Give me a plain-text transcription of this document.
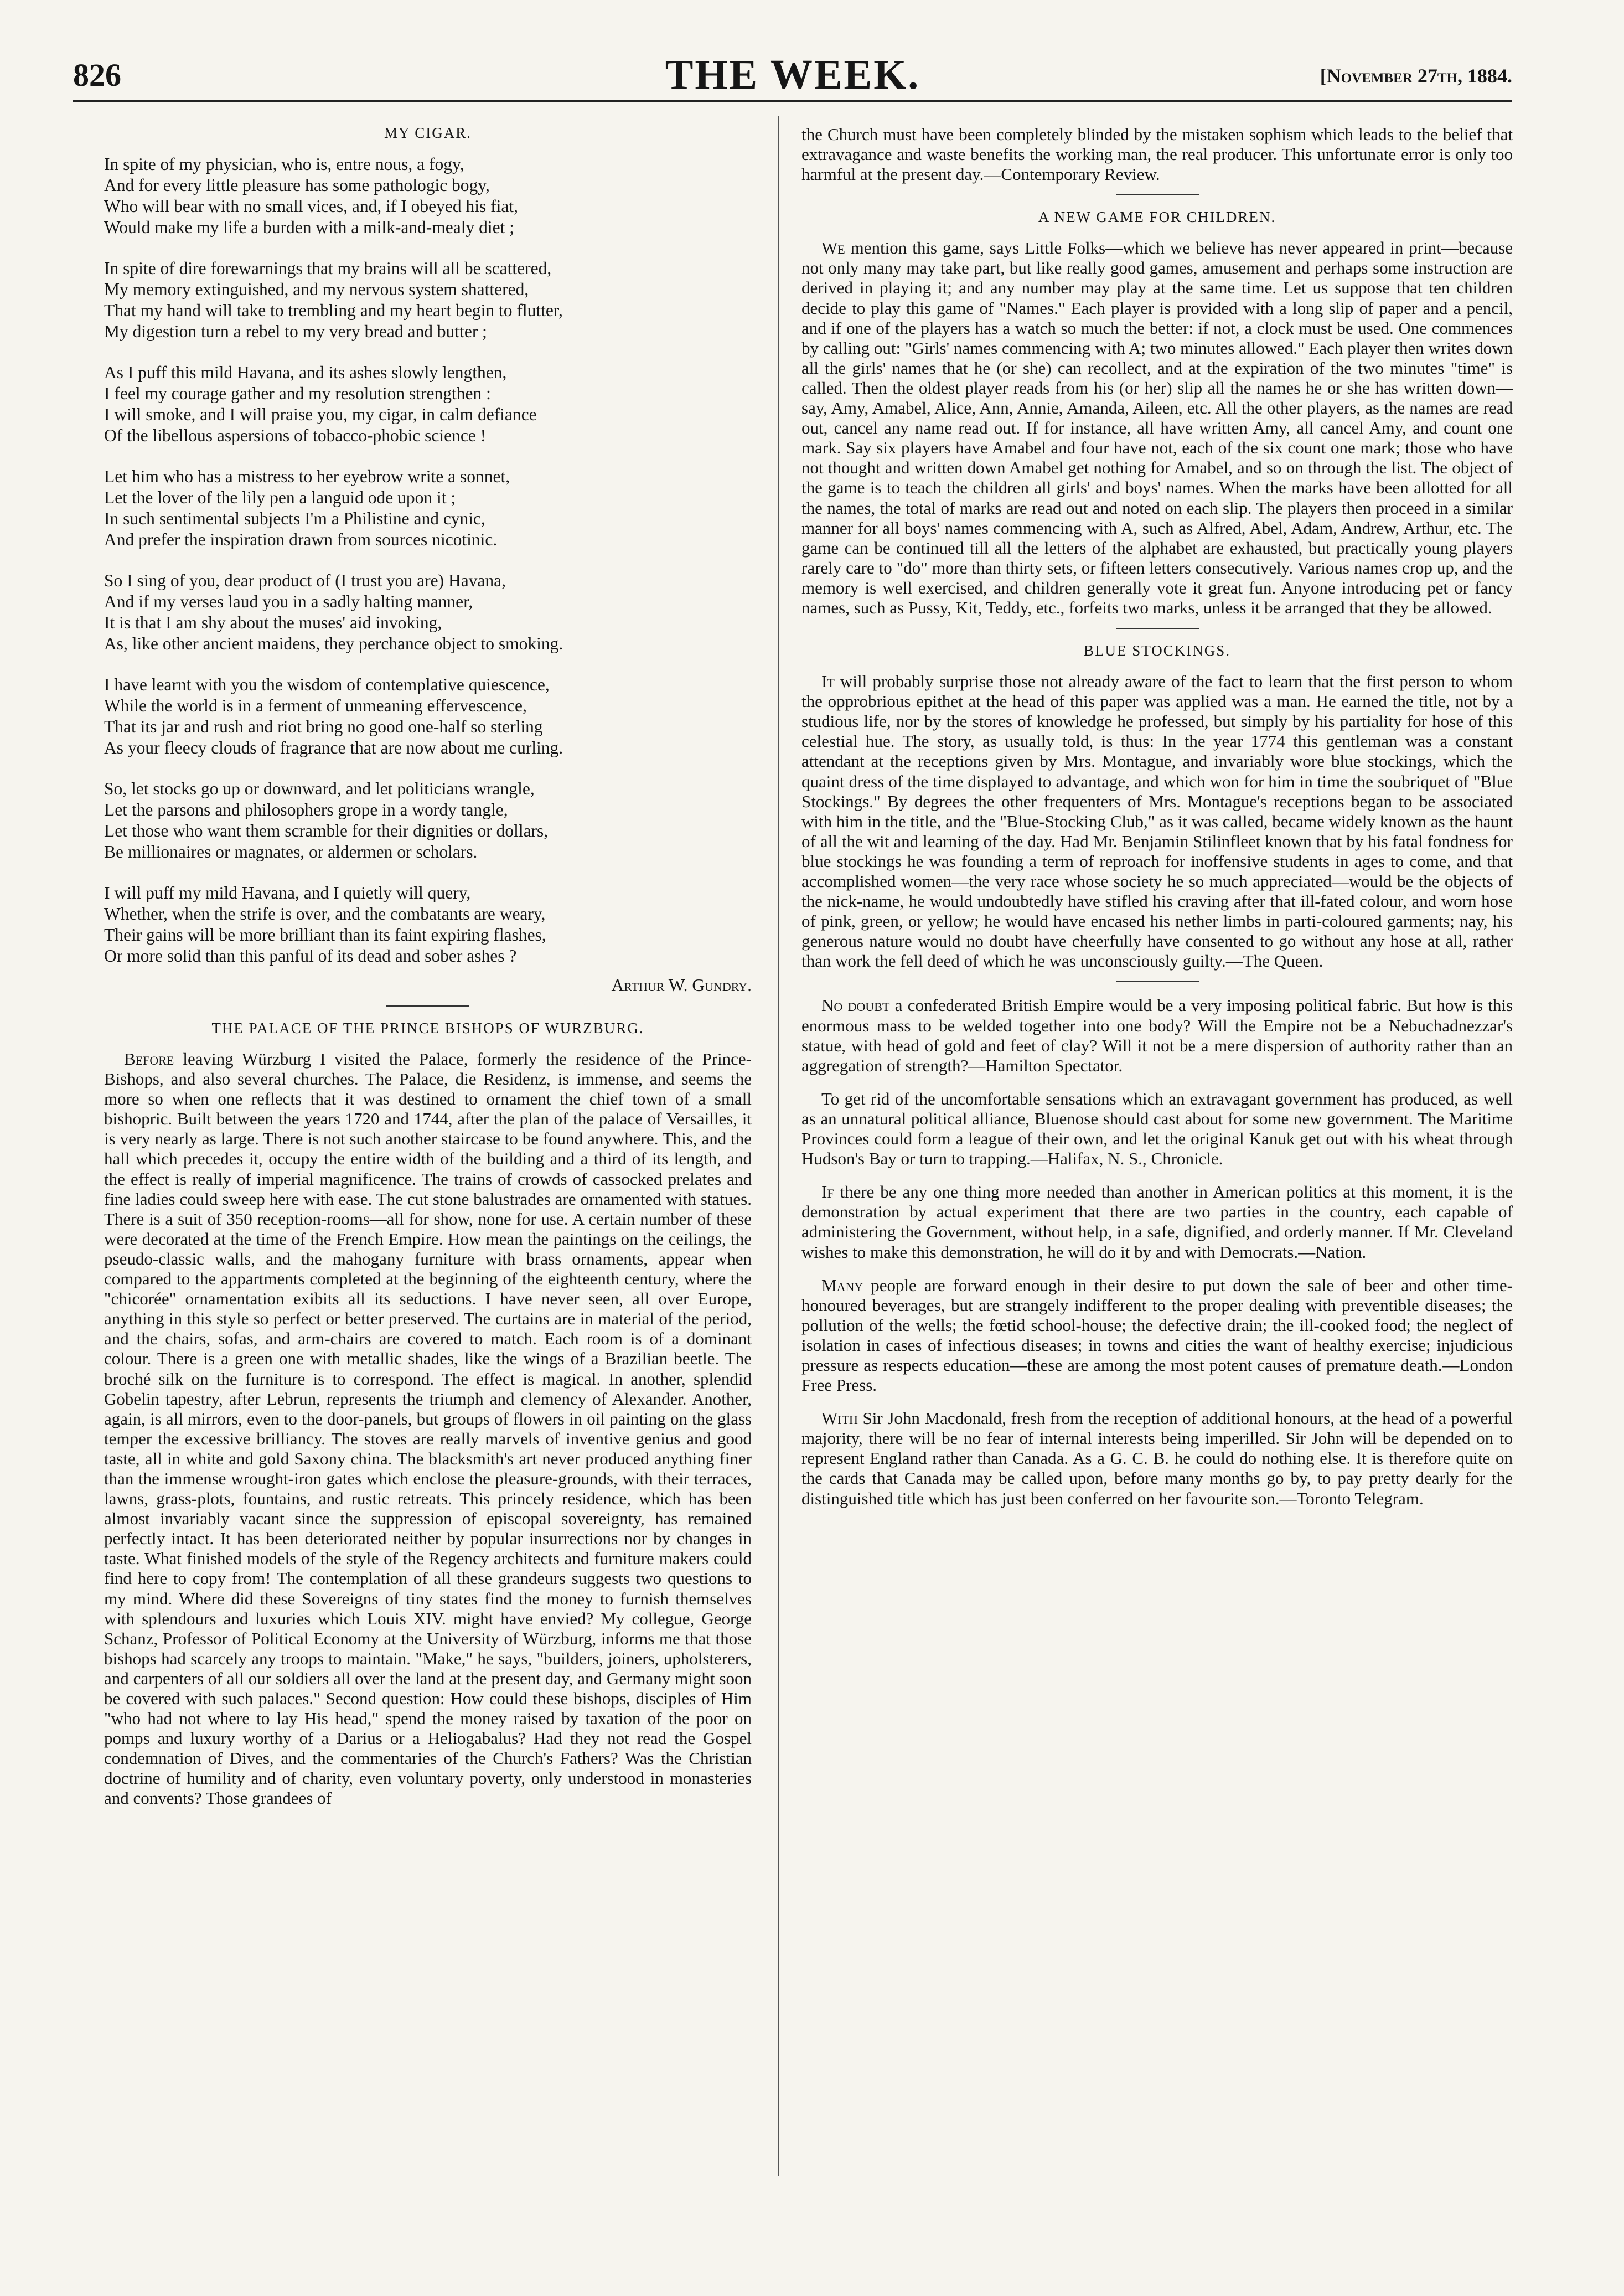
826	THE WEEK.	[November 27th, 1884.
MY CIGAR.
In spite of my physician, who is, entre nous, a fogy,
And for every little pleasure has some pathologic bogy,
Who will bear with no small vices, and, if I obeyed his fiat,
Would make my life a burden with a milk-and-mealy diet ;
In spite of dire forewarnings that my brains will all be scattered,
My memory extinguished, and my nervous system shattered,
That my hand will take to trembling and my heart begin to flutter,
My digestion turn a rebel to my very bread and butter ;
As I puff this mild Havana, and its ashes slowly lengthen,
I feel my courage gather and my resolution strengthen :
I will smoke, and I will praise you, my cigar, in calm defiance
Of the libellous aspersions of tobacco-phobic science !
Let him who has a mistress to her eyebrow write a sonnet,
Let the lover of the lily pen a languid ode upon it ;
In such sentimental subjects I'm a Philistine and cynic,
And prefer the inspiration drawn from sources nicotinic.
So I sing of you, dear product of (I trust you are) Havana,
And if my verses laud you in a sadly halting manner,
It is that I am shy about the muses' aid invoking,
As, like other ancient maidens, they perchance object to smoking.
I have learnt with you the wisdom of contemplative quiescence,
While the world is in a ferment of unmeaning effervescence,
That its jar and rush and riot bring no good one-half so sterling
As your fleecy clouds of fragrance that are now about me curling.
So, let stocks go up or downward, and let politicians wrangle,
Let the parsons and philosophers grope in a wordy tangle,
Let those who want them scramble for their dignities or dollars,
Be millionaires or magnates, or aldermen or scholars.
I will puff my mild Havana, and I quietly will query,
Whether, when the strife is over, and the combatants are weary,
Their gains will be more brilliant than its faint expiring flashes,
Or more solid than this panful of its dead and sober ashes ?
Arthur W. Gundry.
THE PALACE OF THE PRINCE BISHOPS OF WURZBURG.

Before leaving Würzburg I visited the Palace, formerly the residence of the Prince-Bishops, and also several churches. The Palace, die Residenz, is immense, and seems the more so when one reflects that it was destined to ornament the chief town of a small bishopric. Built between the years 1720 and 1744, after the plan of the palace of Versailles, it is very nearly as large. There is not such another staircase to be found anywhere. This, and the hall which precedes it, occupy the entire width of the building and a third of its length, and the effect is really of imperial magnificence. The trains of crowds of cassocked prelates and fine ladies could sweep here with ease. The cut stone balustrades are ornamented with statues. There is a suit of 350 reception-rooms—all for show, none for use. A certain number of these were decorated at the time of the French Empire. How mean the paintings on the ceilings, the pseudo-classic walls, and the mahogany furniture with brass ornaments, appear when compared to the appartments completed at the beginning of the eighteenth century, where the "chicorée" ornamentation exibits all its seductions. I have never seen, all over Europe, anything in this style so perfect or better preserved. The curtains are in material of the period, and the chairs, sofas, and arm-chairs are covered to match. Each room is of a dominant colour. There is a green one with metallic shades, like the wings of a Brazilian beetle. The broché silk on the furniture is to correspond. The effect is magical. In another, splendid Gobelin tapestry, after Lebrun, represents the triumph and clemency of Alexander. Another, again, is all mirrors, even to the door-panels, but groups of flowers in oil painting on the glass temper the excessive brilliancy. The stoves are really marvels of inventive genius and good taste, all in white and gold Saxony china. The blacksmith's art never produced anything finer than the immense wrought-iron gates which enclose the pleasure-grounds, with their terraces, lawns, grass-plots, fountains, and rustic retreats. This princely residence, which has been almost invariably vacant since the suppression of episcopal sovereignty, has remained perfectly intact. It has been deteriorated neither by popular insurrections nor by changes in taste. What finished models of the style of the Regency architects and furniture makers could find here to copy from! The contemplation of all these grandeurs suggests two questions to my mind. Where did these Sovereigns of tiny states find the money to furnish themselves with splendours and luxuries which Louis XIV. might have envied? My collegue, George Schanz, Professor of Political Economy at the University of Würzburg, informs me that those bishops had scarcely any troops to maintain. "Make," he says, "builders, joiners, upholsterers, and carpenters of all our soldiers all over the land at the present day, and Germany might soon be covered with such palaces." Second question: How could these bishops, disciples of Him "who had not where to lay His head," spend the money raised by taxation of the poor on pomps and luxury worthy of a Darius or a Heliogabalus? Had they not read the Gospel condemnation of Dives, and the commentaries of the Church's Fathers? Was the Christian doctrine of humility and of charity, even voluntary poverty, only understood in monasteries and convents? Those grandees of

the Church must have been completely blinded by the mistaken sophism which leads to the belief that extravagance and waste benefits the working man, the real producer. This unfortunate error is only too harmful at the present day.—Contemporary Review.

A NEW GAME FOR CHILDREN.

We mention this game, says Little Folks—which we believe has never appeared in print—because not only many may take part, but like really good games, amusement and perhaps some instruction are derived in playing it; and any number may play at the same time. Let us suppose that ten children decide to play this game of "Names." Each player is provided with a long slip of paper and a pencil, and if one of the players has a watch so much the better: if not, a clock must be used. One commences by calling out: "Girls' names commencing with A; two minutes allowed." Each player then writes down all the girls' names that he (or she) can recollect, and at the expiration of the two minutes "time" is called. Then the oldest player reads from his (or her) slip all the names he or she has written down—say, Amy, Amabel, Alice, Ann, Annie, Amanda, Aileen, etc. All the other players, as the names are read out, cancel any name read out. If for instance, all have written Amy, all cancel Amy, and count one mark. Say six players have Amabel and four have not, each of the six count one mark; those who have not thought and written down Amabel get nothing for Amabel, and so on through the list. The object of the game is to teach the children all girls' and boys' names. When the marks have been allotted for all the names, the total of marks are read out and noted on each slip. The players then proceed in a similar manner for all boys' names commencing with A, such as Alfred, Abel, Adam, Andrew, Arthur, etc. The game can be continued till all the letters of the alphabet are exhausted, but practically young players rarely care to "do" more than thirty sets, or fifteen letters consecutively. Various names crop up, and the memory is well exercised, and children generally vote it great fun. Anyone introducing pet or fancy names, such as Pussy, Kit, Teddy, etc., forfeits two marks, unless it be arranged that they be allowed.

BLUE STOCKINGS.

It will probably surprise those not already aware of the fact to learn that the first person to whom the opprobrious epithet at the head of this paper was applied was a man. He earned the title, not by a studious life, nor by the stores of knowledge he professed, but simply by his partiality for hose of this celestial hue. The story, as usually told, is thus: In the year 1774 this gentleman was a constant attendant at the receptions given by Mrs. Montague, and invariably wore blue stockings, which the quaint dress of the time displayed to advantage, and which won for him in time the soubriquet of "Blue Stockings." By degrees the other frequenters of Mrs. Montague's receptions began to be associated with him in the title, and the "Blue-Stocking Club," as it was called, became widely known as the haunt of all the wit and learning of the day. Had Mr. Benjamin Stilinfleet known that by his fatal fondness for blue stockings he was founding a term of reproach for inoffensive students in ages to come, and that accomplished women—the very race whose society he so much appreciated—would be the objects of the nick-name, he would undoubtedly have stifled his craving after that ill-fated colour, and worn hose of pink, green, or yellow; he would have encased his nether limbs in parti-coloured garments; nay, his generous nature would no doubt have cheerfully have consented to go without any hose at all, rather than work the fell deed of which he was unconsciously guilty.—The Queen.

No doubt a confederated British Empire would be a very imposing political fabric. But how is this enormous mass to be welded together into one body? Will the Empire not be a Nebuchadnezzar's statue, with head of gold and feet of clay? Will it not be a mere dispersion of authority rather than an aggregation of strength?—Hamilton Spectator.

To get rid of the uncomfortable sensations which an extravagant government has produced, as well as an unnatural political alliance, Bluenose should cast about for some new government. The Maritime Provinces could form a league of their own, and let the original Kanuk get out with his wheat through Hudson's Bay or turn to trapping.—Halifax, N. S., Chronicle.

If there be any one thing more needed than another in American politics at this moment, it is the demonstration by actual experiment that there are two parties in the country, each capable of administering the Government, without help, in a safe, dignified, and orderly manner. If Mr. Cleveland wishes to make this demonstration, he will do it by and with Democrats.—Nation.

Many people are forward enough in their desire to put down the sale of beer and other time-honoured beverages, but are strangely indifferent to the proper dealing with preventible diseases; the pollution of the wells; the fœtid school-house; the defective drain; the ill-cooked food; the neglect of isolation in cases of infectious diseases; in towns and cities the want of healthy exercise; injudicious pressure as respects education—these are among the most potent causes of premature death.—London Free Press.

With Sir John Macdonald, fresh from the reception of additional honours, at the head of a powerful majority, there will be no fear of internal interests being imperilled. Sir John will be depended on to represent England rather than Canada. As a G. C. B. he could do nothing else. It is therefore quite on the cards that Canada may be called upon, before many months go by, to pay pretty dearly for the distinguished title which has just been conferred on her favourite son.—Toronto Telegram.
